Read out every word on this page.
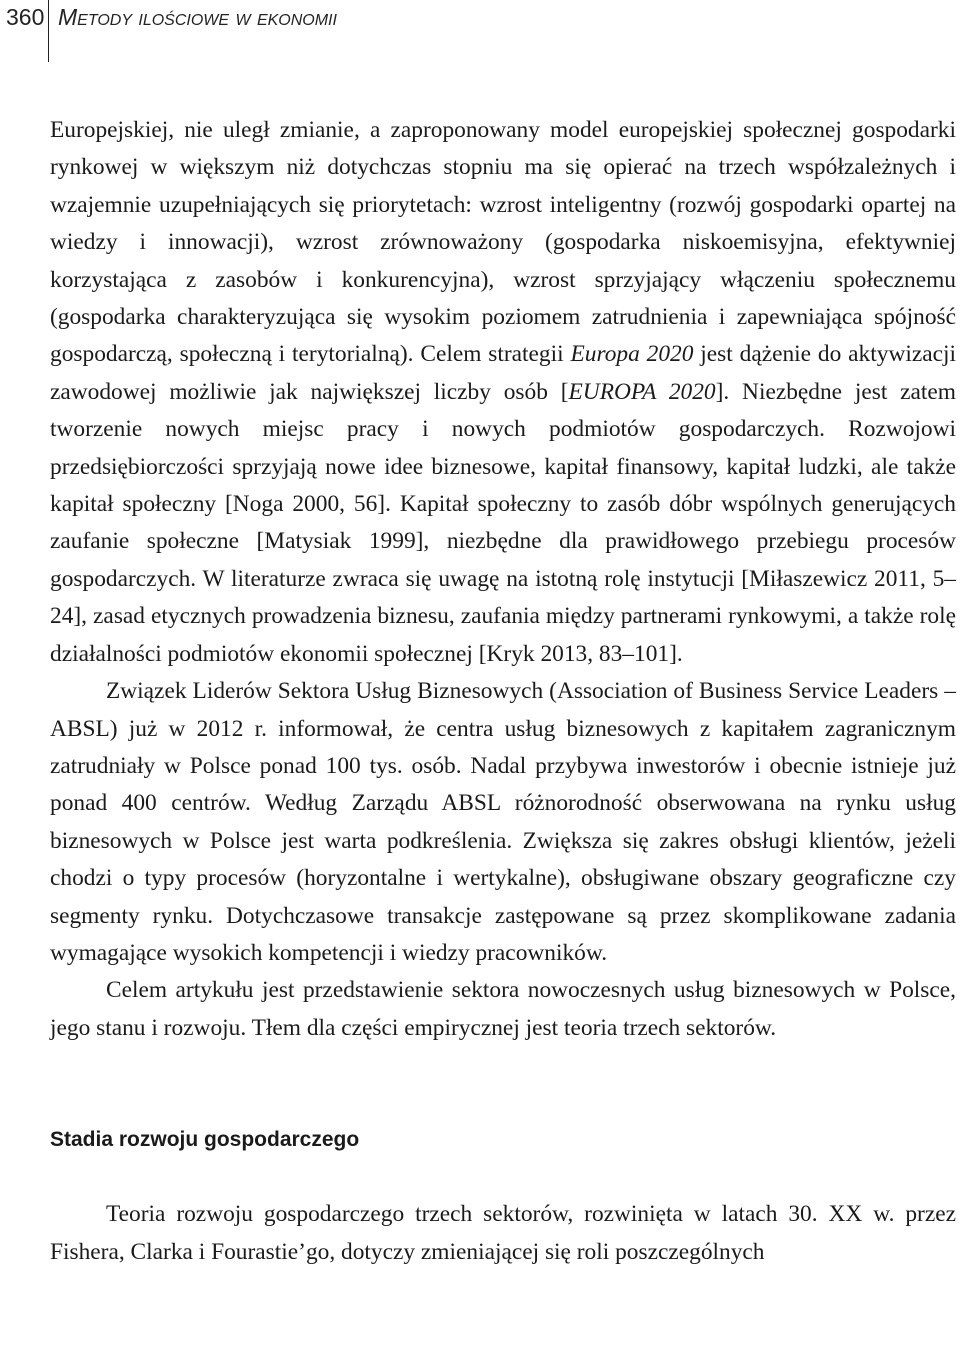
360 Metody ilościowe w ekonomii

Europejskiej, nie uległ zmianie, a zaproponowany model europejskiej społecznej gospodarki rynkowej w większym niż dotychczas stopniu ma się opierać na trzech współzależnych i wzajemnie uzupełniających się priorytetach: wzrost inteligentny (rozwój gospodarki opartej na wiedzy i innowacji), wzrost zrównoważony (gospodarka niskoemisyjna, efektywniej korzystająca z zasobów i konkurencyjna), wzrost sprzyjający włączeniu społecznemu (gospodarka charakteryzująca się wysokim poziomem zatrudnienia i zapewniająca spójność gospodarczą, społeczną i terytorialną). Celem strategii Europa 2020 jest dążenie do aktywizacji zawodowej możliwie jak największej liczby osób [EUROPA 2020]. Niezbędne jest zatem tworzenie nowych miejsc pracy i nowych podmiotów gospodarczych. Rozwojowi przedsiębiorczości sprzyjają nowe idee biznesowe, kapitał finansowy, kapitał ludzki, ale także kapitał społeczny [Noga 2000, 56]. Kapitał społeczny to zasób dóbr wspólnych generujących zaufanie społeczne [Matysiak 1999], niezbędne dla prawidłowego przebiegu procesów gospodarczych. W literaturze zwraca się uwagę na istotną rolę instytucji [Miłaszewicz 2011, 5–24], zasad etycznych prowadzenia biznesu, zaufania między partnerami rynkowymi, a także rolę działalności podmiotów ekonomii społecznej [Kryk 2013, 83–101].

Związek Liderów Sektora Usług Biznesowych (Association of Business Service Leaders – ABSL) już w 2012 r. informował, że centra usług biznesowych z kapitałem zagranicznym zatrudniały w Polsce ponad 100 tys. osób. Nadal przybywa inwestorów i obecnie istnieje już ponad 400 centrów. Według Zarządu ABSL różnorodność obserwowana na rynku usług biznesowych w Polsce jest warta podkreślenia. Zwiększa się zakres obsługi klientów, jeżeli chodzi o typy procesów (horyzontalne i wertykalne), obsługiwane obszary geograficzne czy segmenty rynku. Dotychczasowe transakcje zastępowane są przez skomplikowane zadania wymagające wysokich kompetencji i wiedzy pracowników.

Celem artykułu jest przedstawienie sektora nowoczesnych usług biznesowych w Polsce, jego stanu i rozwoju. Tłem dla części empirycznej jest teoria trzech sektorów.

Stadia rozwoju gospodarczego

Teoria rozwoju gospodarczego trzech sektorów, rozwinięta w latach 30. XX w. przez Fishera, Clarka i Fourastie’go, dotyczy zmieniającej się roli poszczególnych
